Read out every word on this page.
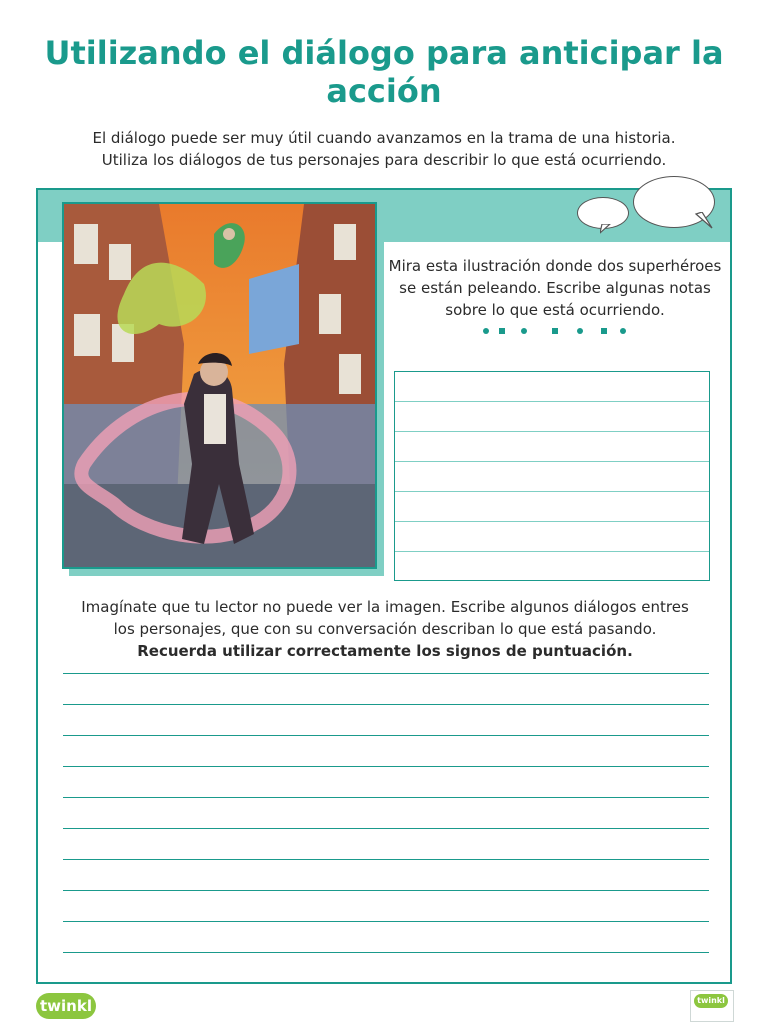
Utilizando el diálogo para anticipar la acción
El diálogo puede ser muy útil cuando avanzamos en la trama de una historia.
Utiliza los diálogos de tus personajes para describir lo que está ocurriendo.
Mira esta ilustración donde dos superhéroes se están peleando. Escribe algunas notas sobre lo que está ocurriendo.
Imagínate que tu lector no puede ver la imagen. Escribe algunos diálogos entres los personajes, que con su conversación describan lo que está pasando.
Recuerda utilizar correctamente los signos de puntuación.
twinkl	twinkl
